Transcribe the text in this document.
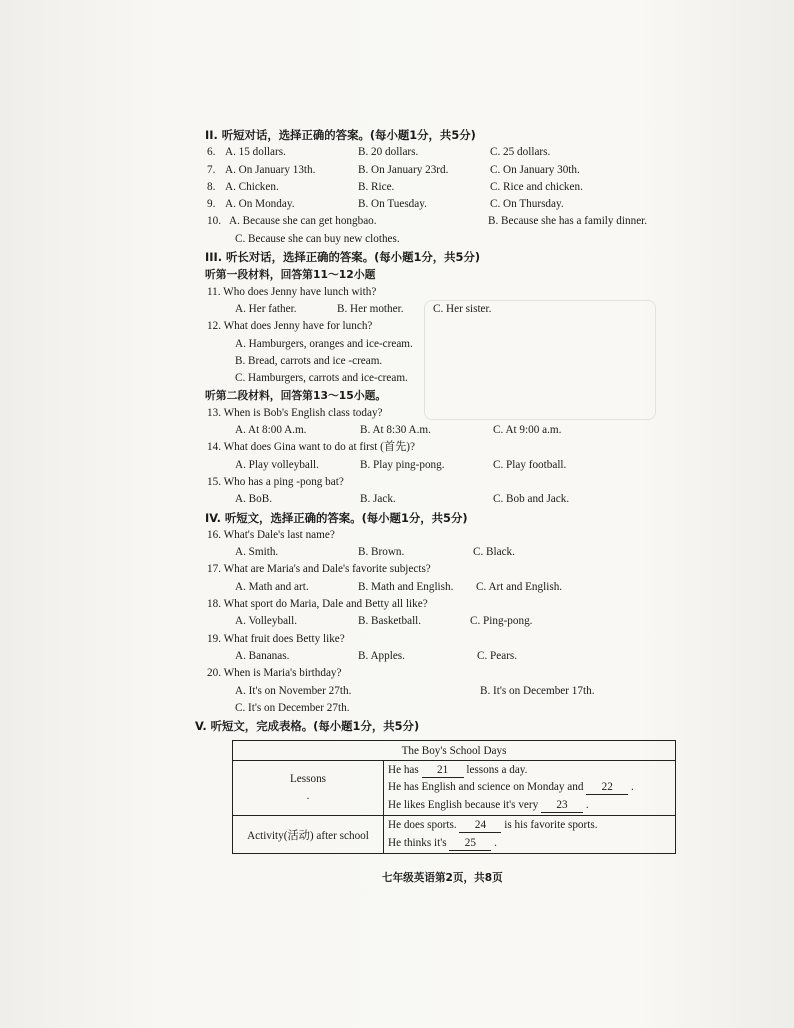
II. 听短对话，选择正确的答案。(每小题1分，共5分)
6. A. 15 dollars.	B. 20 dollars.	C. 25 dollars.
7. A. On January 13th.	B. On January 23rd.	C. On January 30th.
8. A. Chicken.	B. Rice.	C. Rice and chicken.
9. A. On Monday.	B. On Tuesday.	C. On Thursday.
10. A. Because she can get hongbao.	B. Because she has a family dinner.
C. Because she can buy new clothes.
III. 听长对话，选择正确的答案。(每小题1分，共5分)
听第一段材料，回答第11～12小题
11. Who does Jenny have lunch with?
A. Her father.	B. Her mother.	C. Her sister.
12. What does Jenny have for lunch?
A. Hamburgers, oranges and ice-cream.
B. Bread, carrots and ice -cream.
C. Hamburgers, carrots and ice-cream.
听第二段材料，回答第13～15小题。
13. When is Bob's English class today?
A. At 8:00 A.m.	B. At 8:30 A.m.	C. At 9:00 a.m.
14. What does Gina want to do at first (首先)?
A. Play volleyball.	B. Play ping-pong.	C. Play football.
15. Who has a ping -pong bat?
A. BoB.	B. Jack.	C. Bob and Jack.
IV. 听短文，选择正确的答案。(每小题1分，共5分)
16. What's Dale's last name?
A. Smith.	B. Brown.	C. Black.
17. What are Maria's and Dale's favorite subjects?
A. Math and art.	B. Math and English. C. Art and English.
18. What sport do Maria, Dale and Betty all like?
A. Volleyball.	B. Basketball.	C. Ping-pong.
19. What fruit does Betty like?
A. Bananas.	B. Apples.	C. Pears.
20. When is Maria's birthday?
A. It's on November 27th.	B. It's on December 17th.
C. It's on December 27th.
V. 听短文，完成表格。(每小题1分，共5分)
The Boy's School Days	

Lessons
.	He has 21 lessons a day.
He has English and science on Monday and 22 .
He likes English because it's very 23 .

Activity(活动) after school	He does sports. 24 is his favorite sports.
He thinks it's 25 .
七年级英语第2页，共8页
